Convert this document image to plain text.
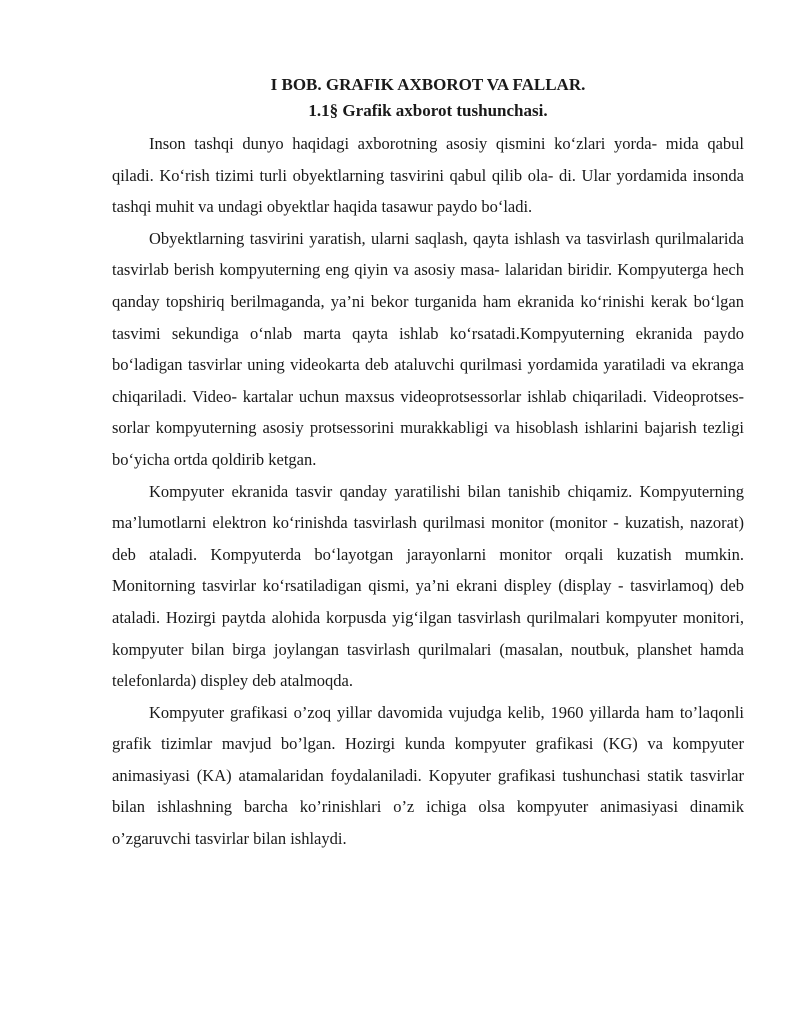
I BOB. GRAFIK AXBOROT VA FALLAR.
1.1§ Grafik axborot tushunchasi.

Inson tashqi dunyo haqidagi axborotning asosiy qismini ko‘zlari yorda- mida qabul qiladi. Ko‘rish tizimi turli obyektlarning tasvirini qabul qilib ola- di. Ular yordamida insonda tashqi muhit va undagi obyektlar haqida tasawur paydo bo‘ladi.

Obyektlarning tasvirini yaratish, ularni saqlash, qayta ishlash va tasvirlash qurilmalarida tasvirlab berish kompyuterning eng qiyin va asosiy masa- lalaridan biridir. Kompyuterga hech qanday topshiriq berilmaganda, ya’ni bekor turganida ham ekranida ko‘rinishi kerak bo‘lgan tasvimi sekundiga o‘nlab marta qayta ishlab ko‘rsatadi.Kompyuterning ekranida paydo bo‘ladigan tasvirlar uning videokarta deb ataluvchi qurilmasi yordamida yaratiladi va ekranga chiqariladi. Video- kartalar uchun maxsus videoprotsessorlar ishlab chiqariladi. Videoprotses- sorlar kompyuterning asosiy protsessorini murakkabligi va hisoblash ishlarini bajarish tezligi bo‘yicha ortda qoldirib ketgan.

Kompyuter ekranida tasvir qanday yaratilishi bilan tanishib chiqamiz. Kompyuterning ma’lumotlarni elektron ko‘rinishda tasvirlash qurilmasi monitor (monitor - kuzatish, nazorat) deb ataladi. Kompyuterda bo‘layotgan jarayonlarni monitor orqali kuzatish mumkin. Monitorning tasvirlar ko‘rsatiladigan qismi, ya’ni ekrani displey (display - tasvirlamoq) deb ataladi. Hozirgi paytda alohida korpusda yig‘ilgan tasvirlash qurilmalari kompyuter monitori, kompyuter bilan birga joylangan tasvirlash qurilmalari (masalan, noutbuk, planshet hamda telefonlarda) displey deb atalmoqda.

Kompyuter grafikasi o’zoq yillar davomida vujudga kelib, 1960 yillarda ham to’laqonli grafik tizimlar mavjud bo’lgan. Hozirgi kunda kompyuter grafikasi (KG) va kompyuter animasiyasi (KA) atamalaridan foydalaniladi. Kopyuter grafikasi tushunchasi statik tasvirlar bilan ishlashning barcha ko’rinishlari o’z ichiga olsa kompyuter animasiyasi dinamik o’zgaruvchi tasvirlar bilan ishlaydi.
